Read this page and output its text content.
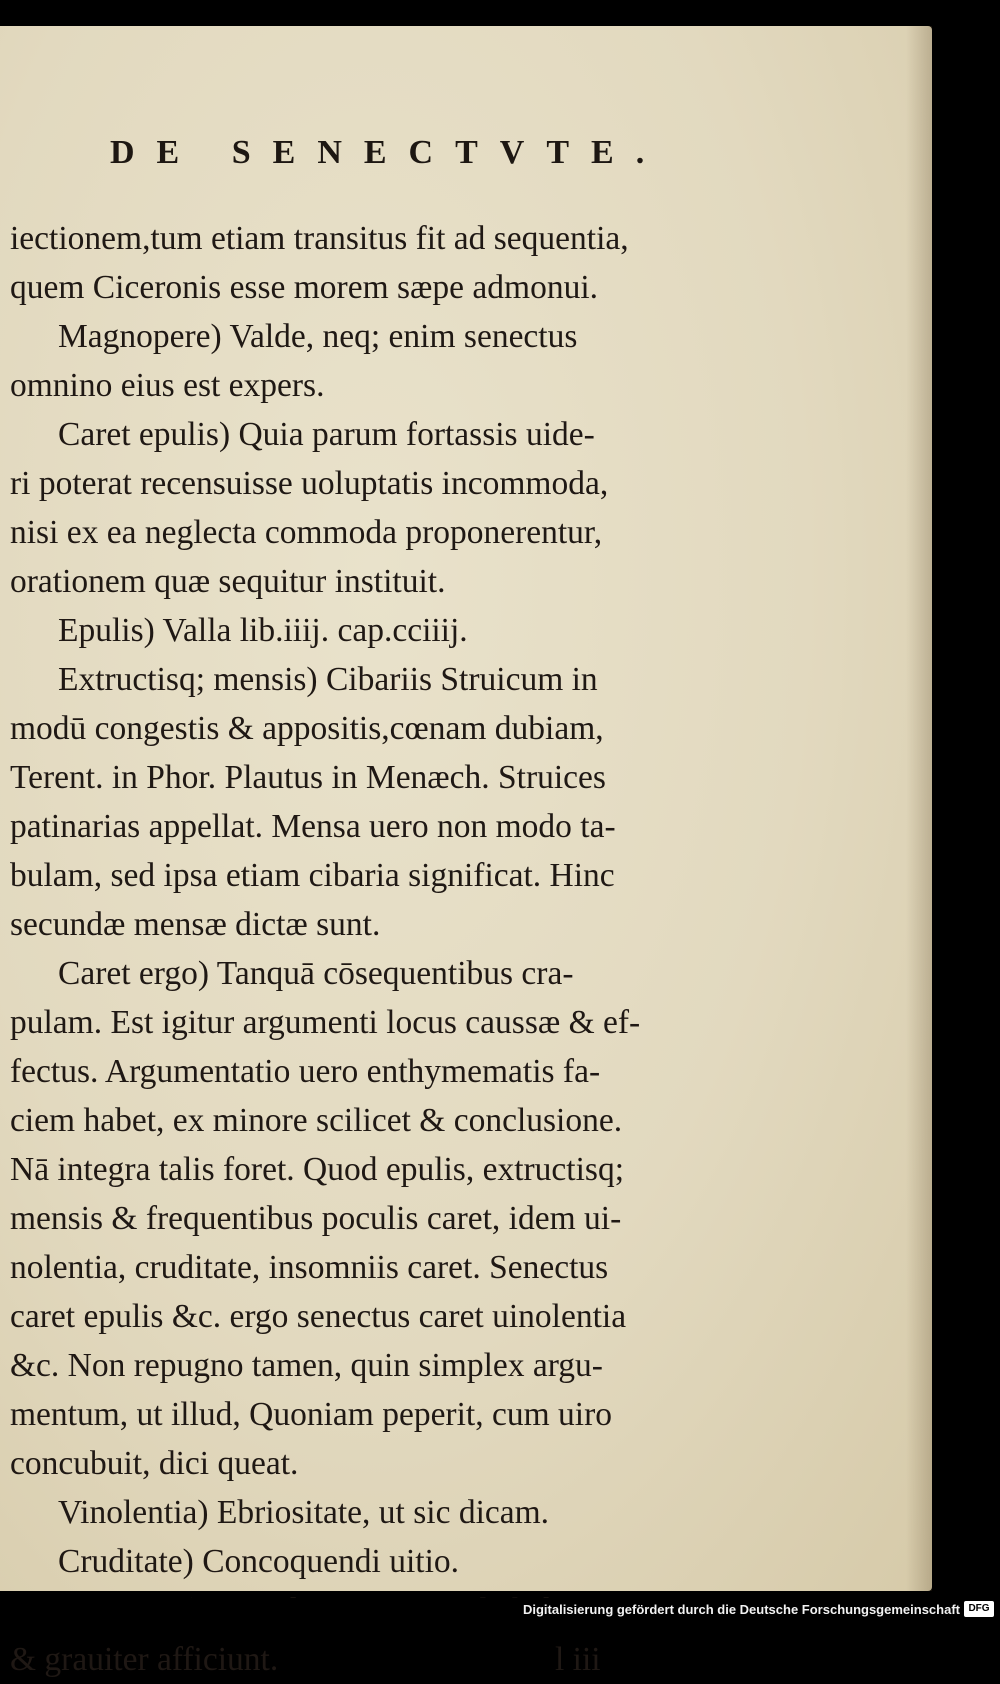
DE SENECTVTE.
iectionem,tum etiam transitus fit ad sequentia,
quem Ciceronis esse morem sæpe admonui.
Magnopere) Valde, neq; enim senectus
omnino eius est expers.
Caret epulis) Quia parum fortassis uide-
ri poterat recensuisse uoluptatis incommoda,
nisi ex ea neglecta commoda proponerentur,
orationem quæ sequitur instituit.
Epulis) Valla lib.iiij. cap.cciiij.
Extructisq; mensis) Cibariis Struicum in
modū congestis & appositis,cœnam dubiam,
Terent. in Phor. Plautus in Menæch. Struices
patinarias appellat. Mensa uero non modo ta-
bulam, sed ipsa etiam cibaria significat. Hinc
secundæ mensæ dictæ sunt.
Caret ergo) Tanquā cōsequentibus cra-
pulam. Est igitur argumenti locus caussæ & ef-
fectus. Argumentatio uero enthymematis fa-
ciem habet, ex minore scilicet & conclusione.
Nā integra talis foret. Quod epulis, extructisq;
mensis & frequentibus poculis caret, idem ui-
nolentia, cruditate, insomniis caret. Senectus
caret epulis &c. ergo senectus caret uinolentia
&c. Non repugno tamen, quin simplex argu-
mentum, ut illud, Quoniam peperit, cum uiro
concubuit, dici queat.
Vinolentia) Ebriositate, ut sic dicam.
Cruditate) Concoquendi uitio.
& grauiter afficiunt.	l iii
Digitalisierung gefördert durch die Deutsche Forschungsgemeinschaft DFG
